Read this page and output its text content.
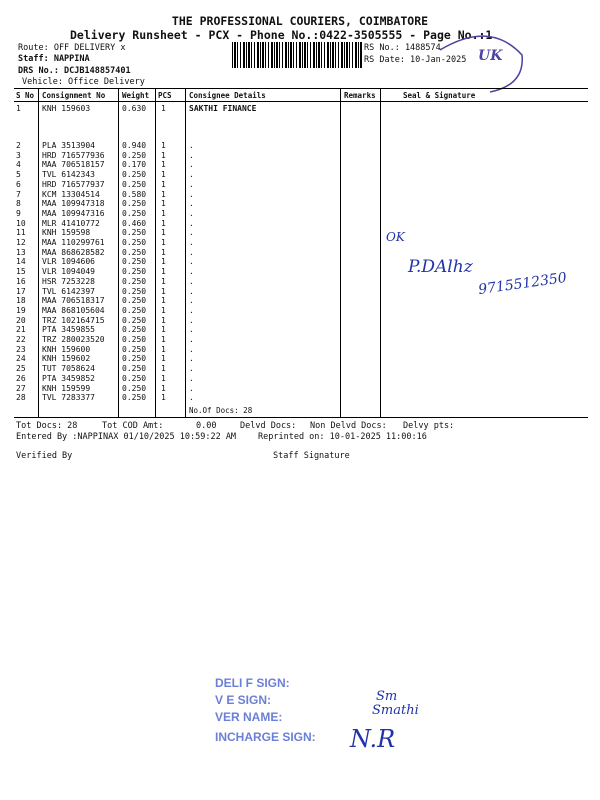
THE PROFESSIONAL COURIERS, COIMBATORE
Delivery Runsheet - PCX - Phone No.:0422-3505555 - Page No.:1
Route: OFF DELIVERY x
Staff: NAPPINA
DRS No.: DCJB148857401
Vehicle: Office Delivery
RS No.: 1488574
RS Date: 10-Jan-2025 UK
S No Consignment No Weight PCS Consignee Details	Remarks	Seal & Signature
1	KNH 159603	0.630 1	SAKTHI FINANCE
2	PLA 3513904	0.940 1	.
3	HRD 716577936 0.250 1	.
4	MAA 706518157 0.170 1	.
5	TVL 6142343	0.250 1	.
6	HRD 716577937 0.250 1	.
7	KCM 13304514	0.580 1	.
8	MAA 109947318 0.250 1	.
9	MAA 109947316 0.250 1	.
10 MLR 41410772	0.460 1	.
11 KNH 159598	0.250 1	.
12 MAA 110299761 0.250 1	.
13 MAA 868628582 0.250 1	.
14 VLR 1094606	0.250 1	.
15 VLR 1094049	0.250 1	.
16 HSR 7253228	0.250 1	.
17 TVL 6142397	0.250 1	.
18 MAA 706518317 0.250 1	.
19 MAA 868105604 0.250 1	.
20 TRZ 102164715 0.250 1	.
21 PTA 3459855	0.250 1	.
22 TRZ 280023520 0.250 1	.
23 KNH 159600	0.250 1	.
24 KNH 159602	0.250 1	.
25 TUT 7058624	0.250 1	.
26 PTA 3459852	0.250 1	.
27 KNH 159599	0.250 1	.
28 TVL 7283377	0.250 1	.
No.Of Docs: 28
OK
P.DAlhz
9715512350
Tot Docs: 28	Tot COD Amt:	0.00	Delvd Docs: Non Delvd Docs: Delvy pts:
Entered By :NAPPINAX 01/10/2025 10:59:22 AM	Reprinted on: 10-01-2025 11:00:16
Verified By	Staff Signature
DELI F SIGN:
V E SIGN:
VER NAME:
INCHARGE SIGN:
Sm
Smathi
N.R
